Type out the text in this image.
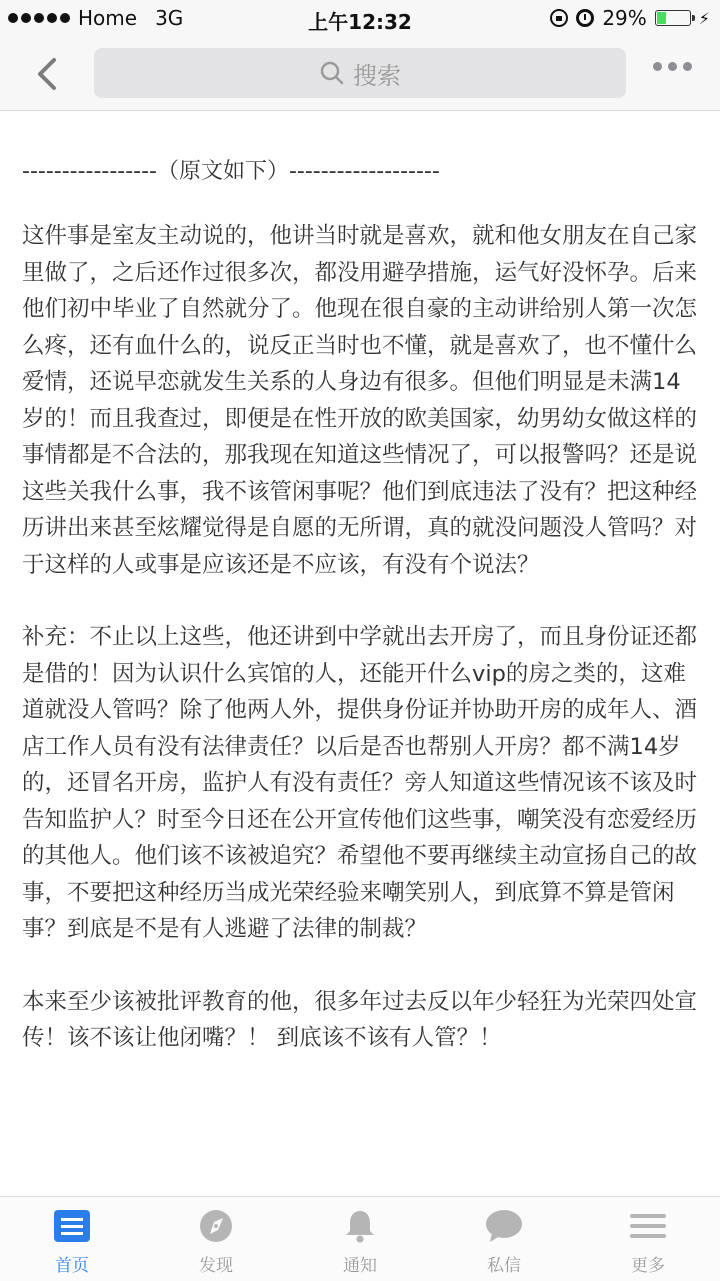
Home 3G	上午12:32	29%	⚡
搜索
-----------------（原文如下）-------------------

这件事是室友主动说的，他讲当时就是喜欢，就和他女朋友在自己家里做了，之后还作过很多次，都没用避孕措施，运气好没怀孕。后来他们初中毕业了自然就分了。他现在很自豪的主动讲给别人第一次怎么疼，还有血什么的，说反正当时也不懂，就是喜欢了，也不懂什么爱情，还说早恋就发生关系的人身边有很多。但他们明显是未满14岁的！而且我查过，即便是在性开放的欧美国家，幼男幼女做这样的事情都是不合法的，那我现在知道这些情况了，可以报警吗？还是说这些关我什么事，我不该管闲事呢？他们到底违法了没有？把这种经历讲出来甚至炫耀觉得是自愿的无所谓，真的就没问题没人管吗？对于这样的人或事是应该还是不应该，有没有个说法？

补充：不止以上这些，他还讲到中学就出去开房了，而且身份证还都是借的！因为认识什么宾馆的人，还能开什么vip的房之类的，这难道就没人管吗？除了他两人外，提供身份证并协助开房的成年人、酒店工作人员有没有法律责任？以后是否也帮别人开房？都不满14岁的，还冒名开房，监护人有没有责任？旁人知道这些情况该不该及时告知监护人？时至今日还在公开宣传他们这些事，嘲笑没有恋爱经历的其他人。他们该不该被追究？希望他不要再继续主动宣扬自己的故事，不要把这种经历当成光荣经验来嘲笑别人，到底算不算是管闲事？到底是不是有人逃避了法律的制裁？

本来至少该被批评教育的他，很多年过去反以年少轻狂为光荣四处宣传！该不该让他闭嘴？！ 到底该不该有人管？！

首页	发现	通知	私信	更多
